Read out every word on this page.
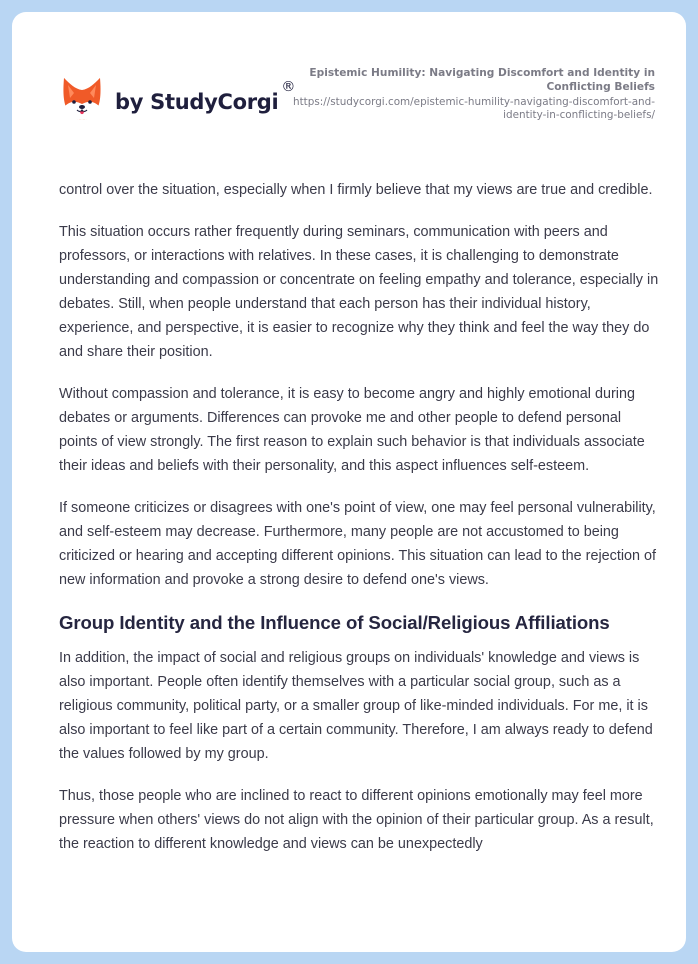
by StudyCorgi
®
Epistemic Humility: Navigating Discomfort and Identity in Conflicting Beliefs
https://studycorgi.com/epistemic-humility-navigating-discomfort-and-identity-in-conflicting-beliefs/

control over the situation, especially when I firmly believe that my views are true and credible.

This situation occurs rather frequently during seminars, communication with peers and professors, or interactions with relatives. In these cases, it is challenging to demonstrate understanding and compassion or concentrate on feeling empathy and tolerance, especially in debates. Still, when people understand that each person has their individual history, experience, and perspective, it is easier to recognize why they think and feel the way they do and share their position.

Without compassion and tolerance, it is easy to become angry and highly emotional during debates or arguments. Differences can provoke me and other people to defend personal points of view strongly. The first reason to explain such behavior is that individuals associate their ideas and beliefs with their personality, and this aspect influences self-esteem.

If someone criticizes or disagrees with one's point of view, one may feel personal vulnerability, and self-esteem may decrease. Furthermore, many people are not accustomed to being criticized or hearing and accepting different opinions. This situation can lead to the rejection of new information and provoke a strong desire to defend one's views.

Group Identity and the Influence of Social/Religious Affiliations

In addition, the impact of social and religious groups on individuals' knowledge and views is also important. People often identify themselves with a particular social group, such as a religious community, political party, or a smaller group of like-minded individuals. For me, it is also important to feel like part of a certain community. Therefore, I am always ready to defend the values followed by my group.

Thus, those people who are inclined to react to different opinions emotionally may feel more pressure when others' views do not align with the opinion of their particular group. As a result, the reaction to different knowledge and views can be unexpectedly
